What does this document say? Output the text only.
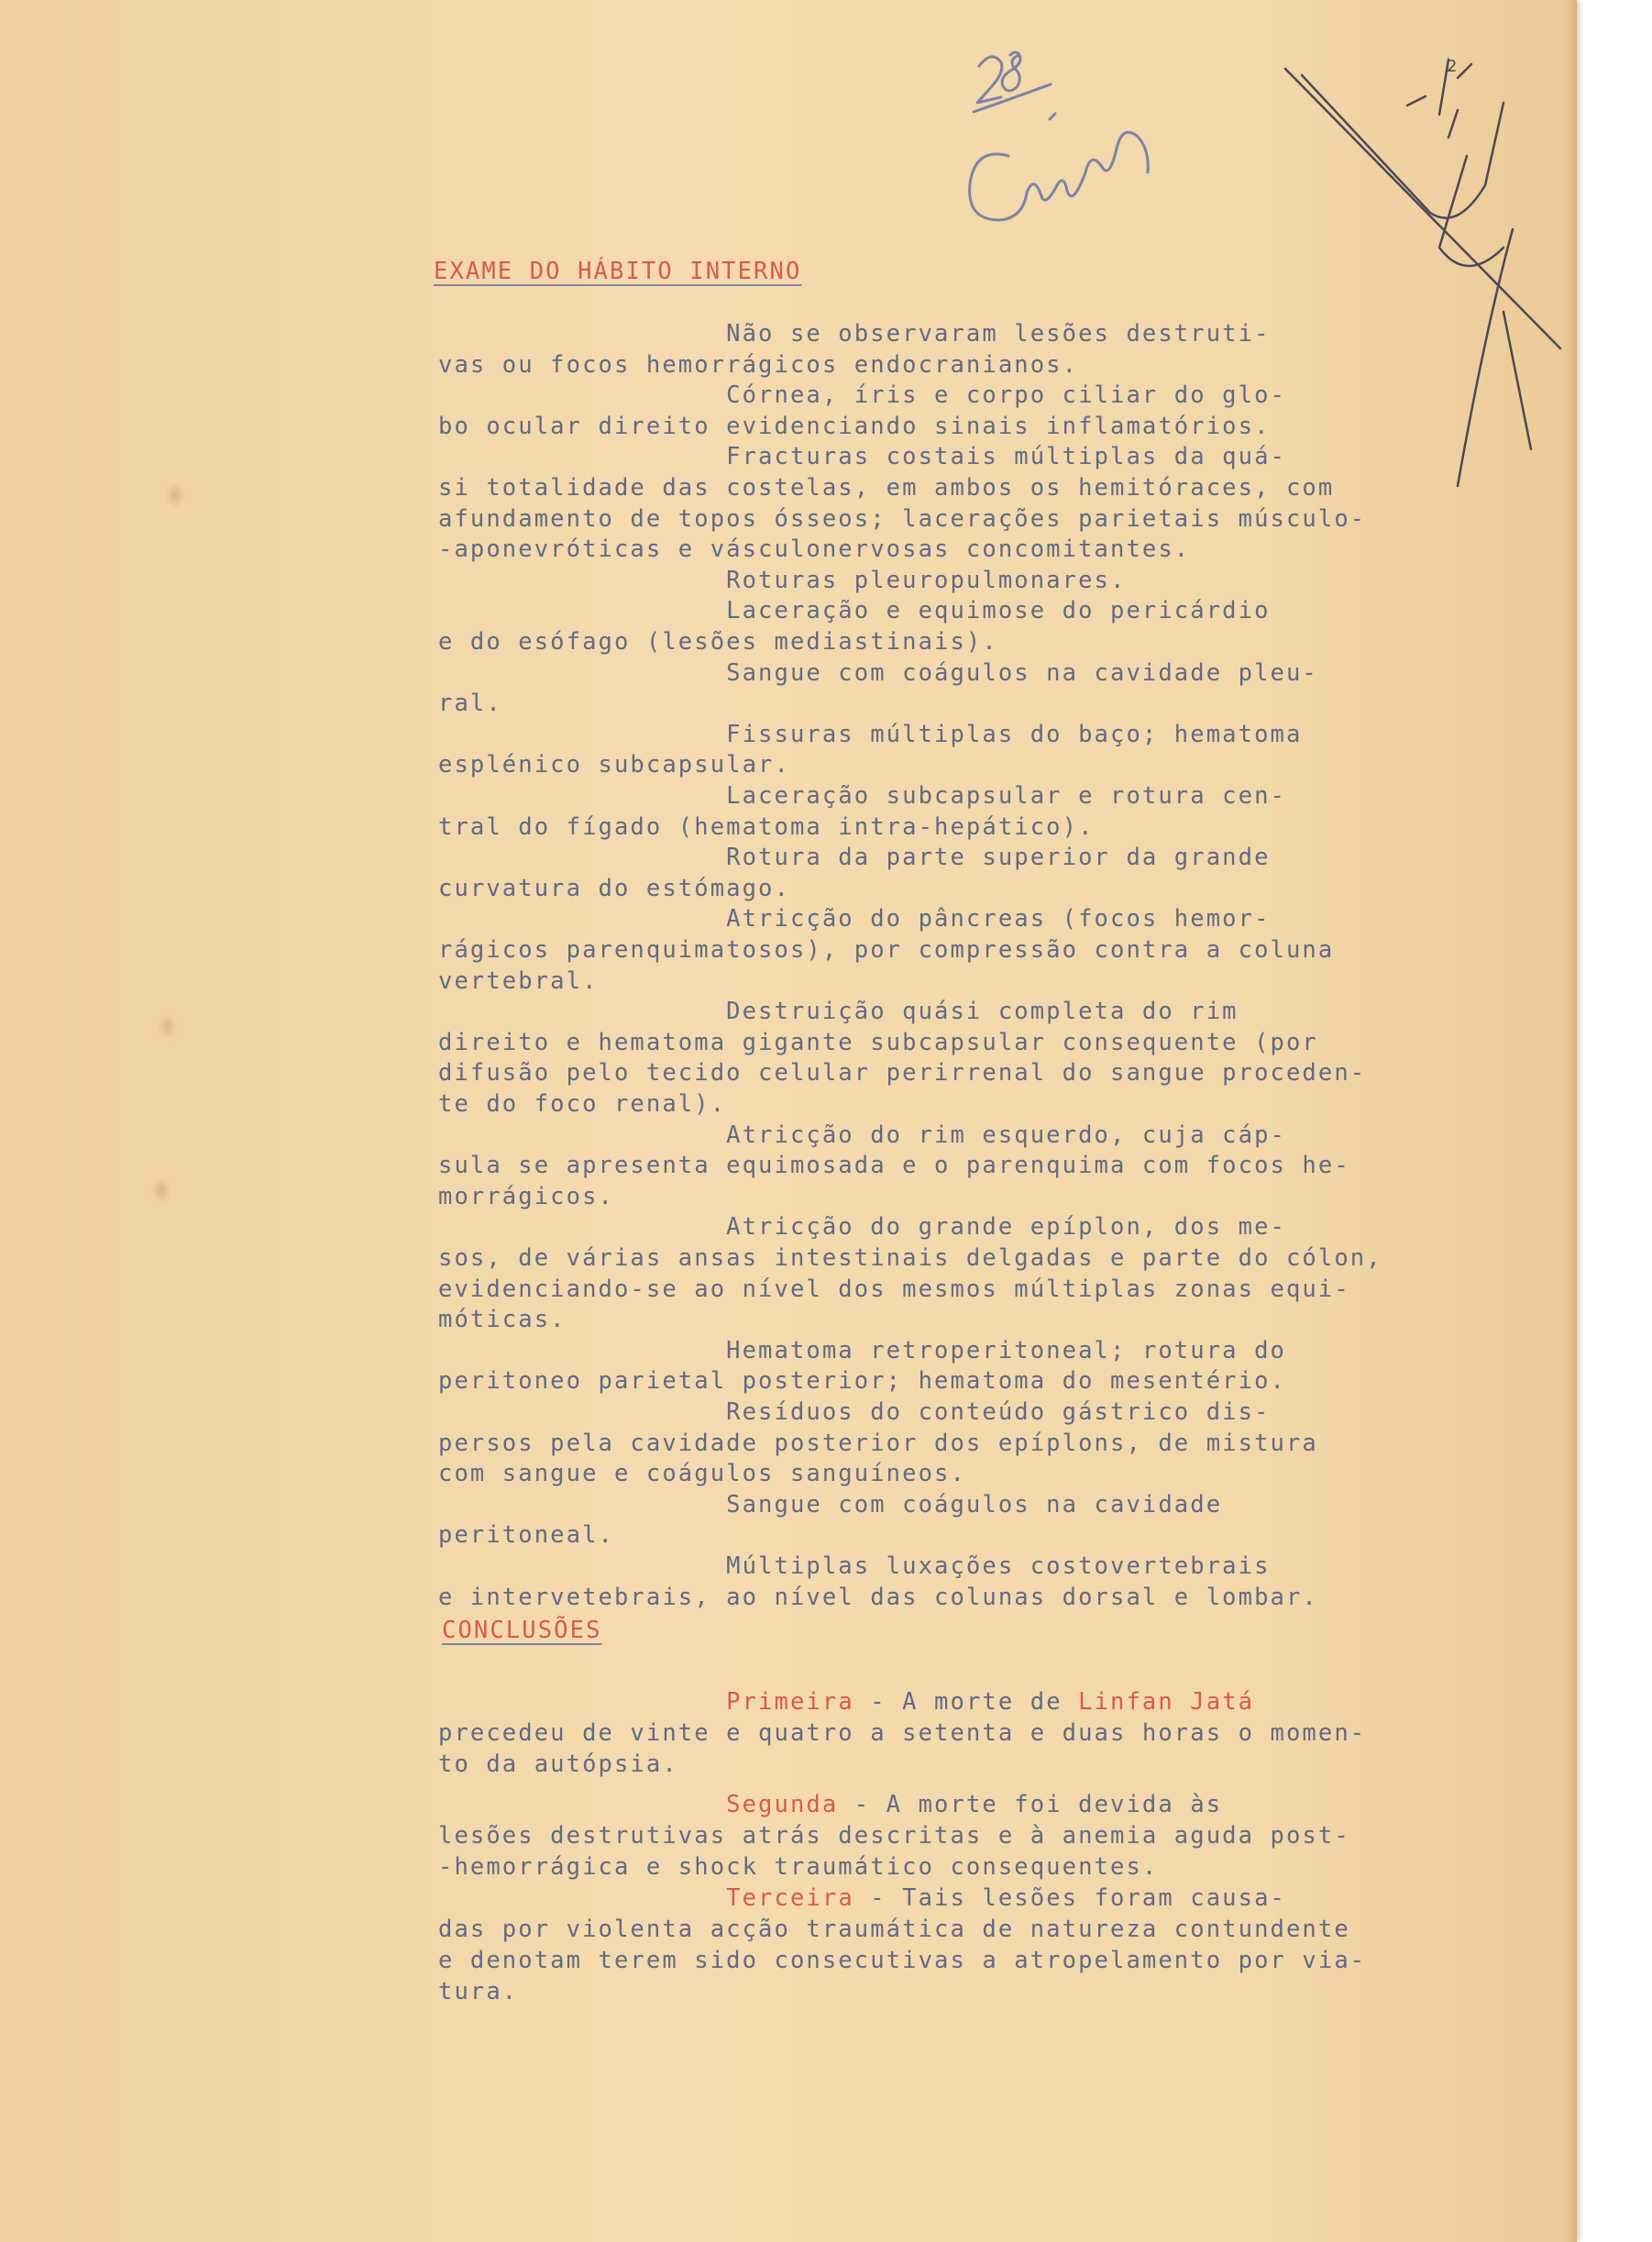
2
EXAME DO HÁBITO INTERNO
Não se observaram lesões destruti-
vas ou focos hemorrágicos endocranianos.
Córnea, íris e corpo ciliar do glo-
bo ocular direito evidenciando sinais inflamatórios.
Fracturas costais múltiplas da quá-
si totalidade das costelas, em ambos os hemitóraces, com
afundamento de topos ósseos; lacerações parietais músculo-
-aponevróticas e vásculonervosas concomitantes.
Roturas pleuropulmonares.
Laceração e equimose do pericárdio
e do esófago (lesões mediastinais).
Sangue com coágulos na cavidade pleu-
ral.
Fissuras múltiplas do baço; hematoma
esplénico subcapsular.
Laceração subcapsular e rotura cen-
tral do fígado (hematoma intra-hepático).
Rotura da parte superior da grande
curvatura do estómago.
Atricção do pâncreas (focos hemor-
rágicos parenquimatosos), por compressão contra a coluna
vertebral.
Destruição quási completa do rim
direito e hematoma gigante subcapsular consequente (por
difusão pelo tecido celular perirrenal do sangue proceden-
te do foco renal).
Atricção do rim esquerdo, cuja cáp-
sula se apresenta equimosada e o parenquima com focos he-
morrágicos.
Atricção do grande epíplon, dos me-
sos, de várias ansas intestinais delgadas e parte do cólon,
evidenciando-se ao nível dos mesmos múltiplas zonas equi-
móticas.
Hematoma retroperitoneal; rotura do
peritoneo parietal posterior; hematoma do mesentério.
Resíduos do conteúdo gástrico dis-
persos pela cavidade posterior dos epíplons, de mistura
com sangue e coágulos sanguíneos.
Sangue com coágulos na cavidade
peritoneal.
Múltiplas luxações costovertebrais
e intervetebrais, ao nível das colunas dorsal e lombar.
CONCLUSÕES
Primeira - A morte de Linfan Jatá
precedeu de vinte e quatro a setenta e duas horas o momen-
to da autópsia.
Segunda - A morte foi devida às
lesões destrutivas atrás descritas e à anemia aguda post-
-hemorrágica e shock traumático consequentes.
Terceira - Tais lesões foram causa-
das por violenta acção traumática de natureza contundente
e denotam terem sido consecutivas a atropelamento por via-
tura.
